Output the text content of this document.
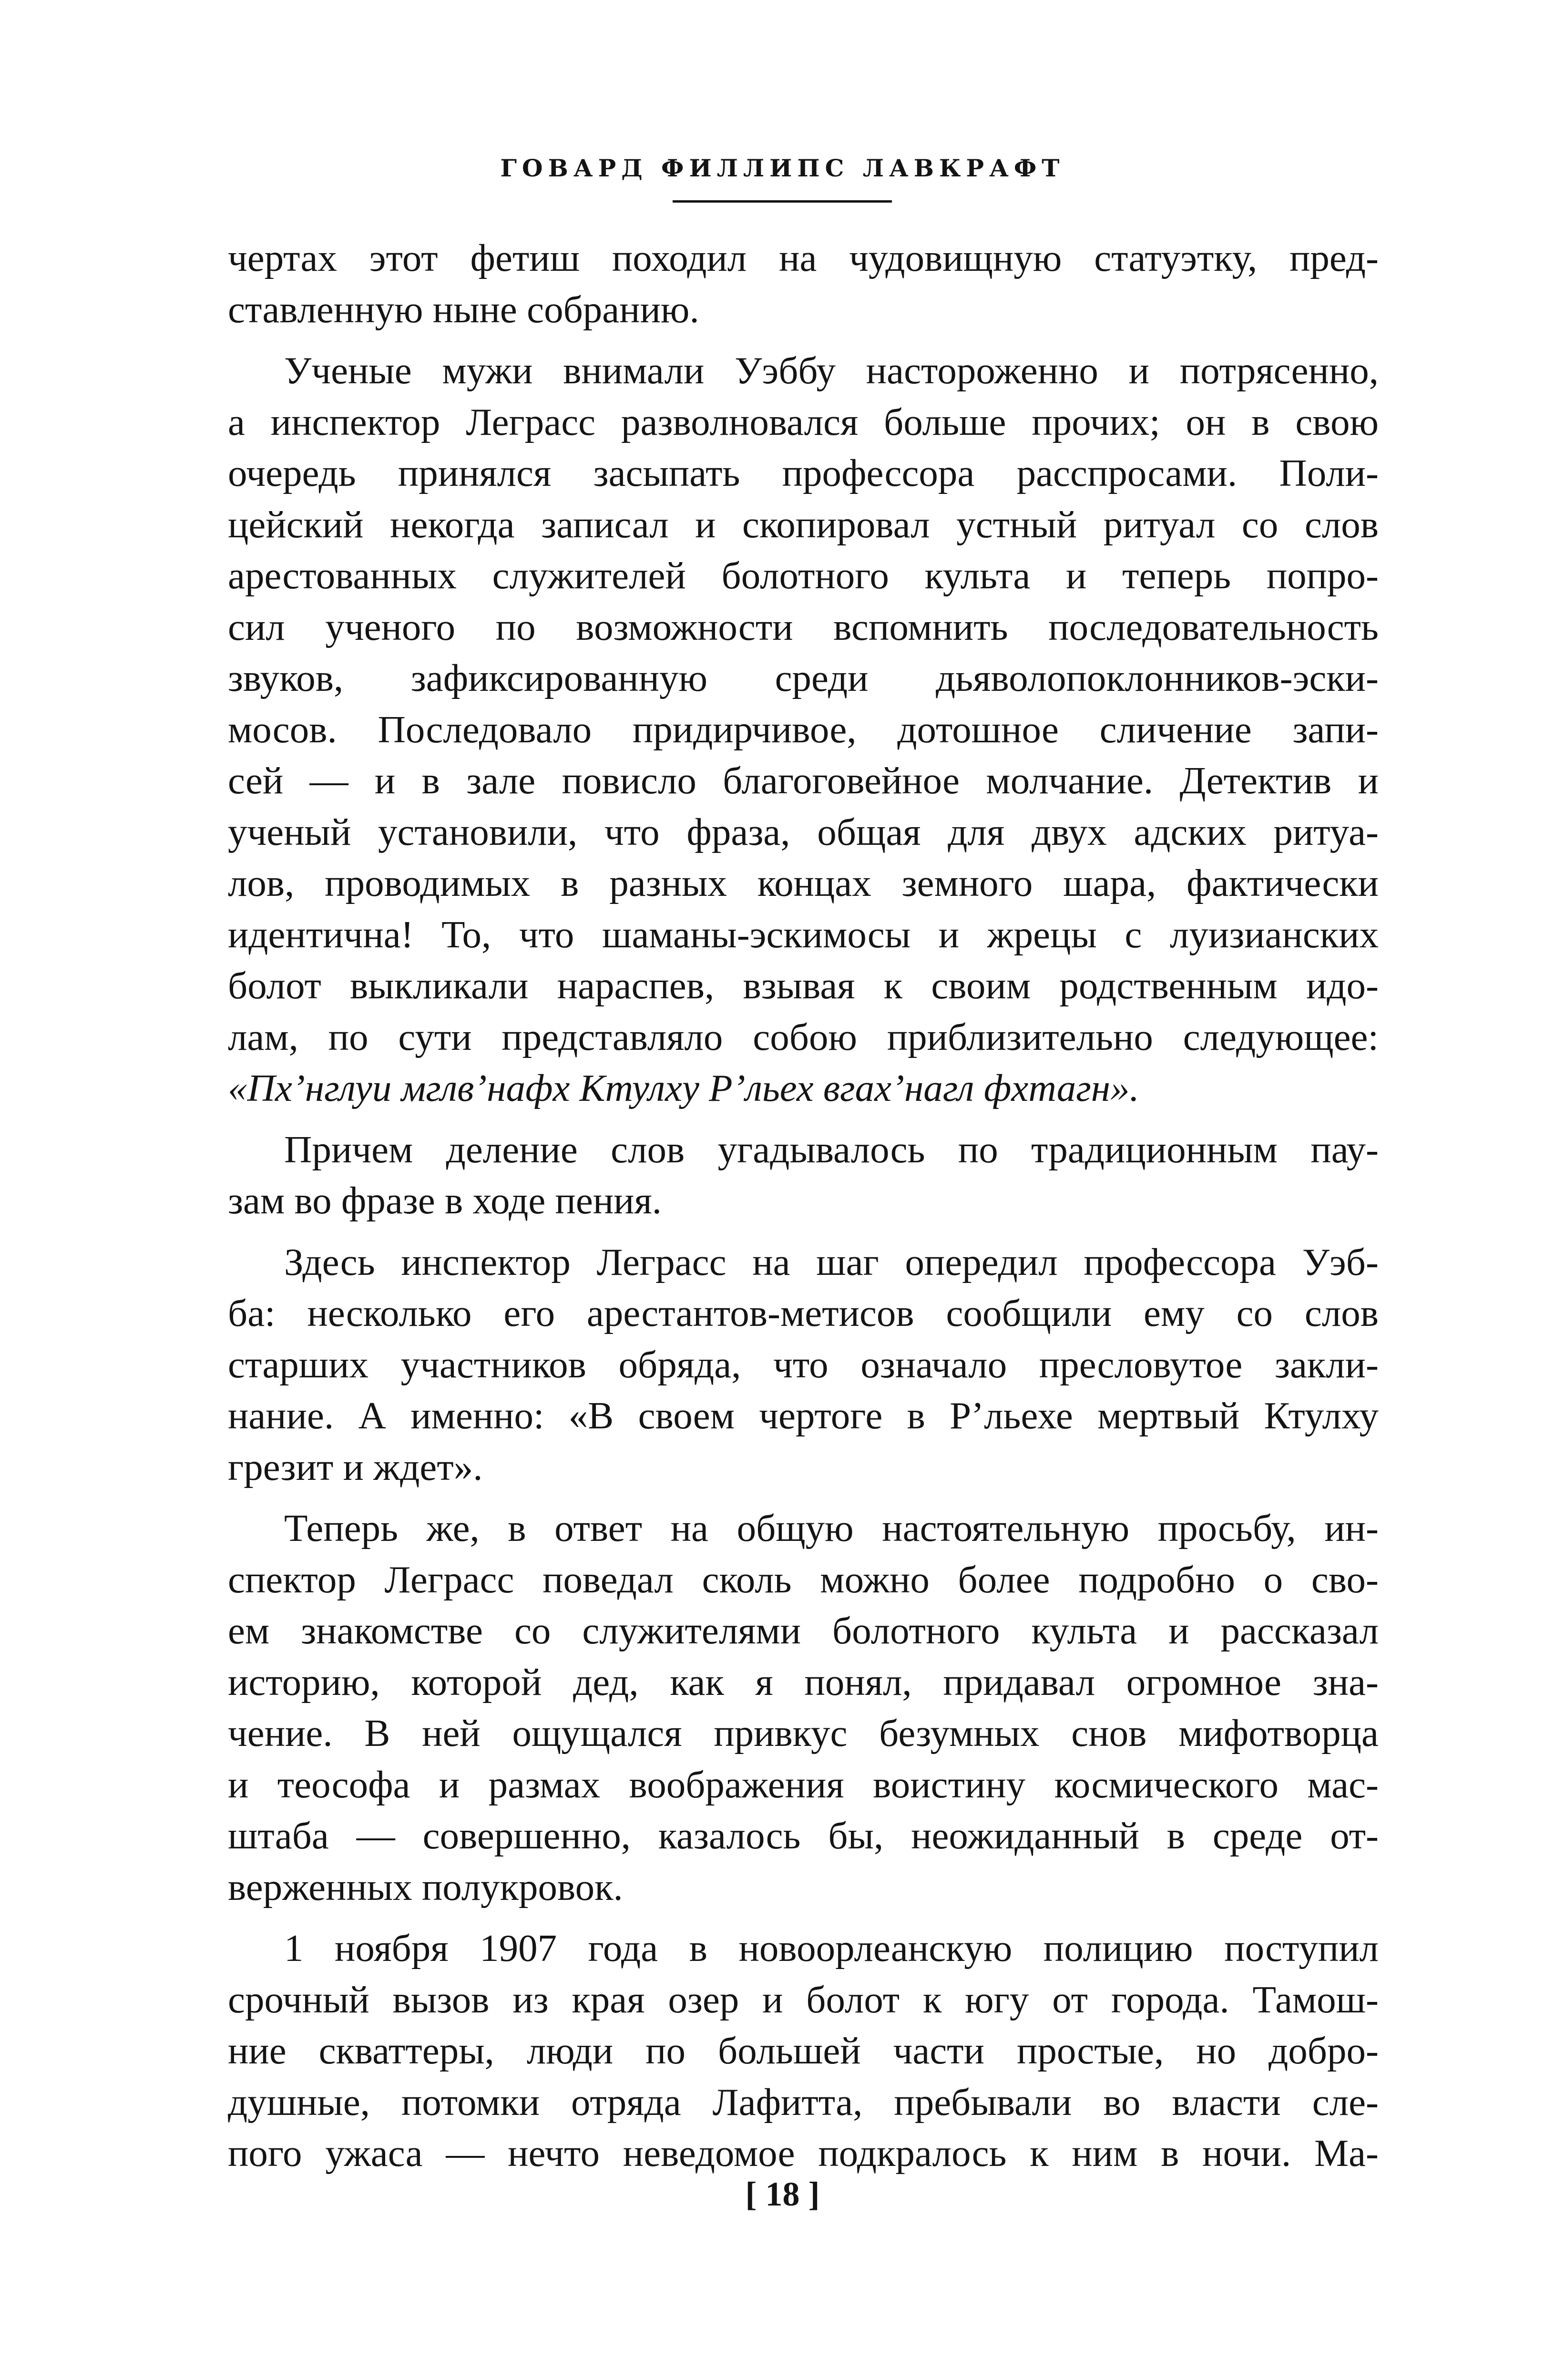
ГОВАРД ФИЛЛИПС ЛАВКРАФТ
чертах этот фетиш походил на чудовищную статуэтку, пред-
ставленную ныне собранию.
Ученые мужи внимали Уэббу настороженно и потрясенно,
а инспектор Леграсс разволновался больше прочих; он в свою
очередь принялся засыпать профессора расспросами. Поли-
цейский некогда записал и скопировал устный ритуал со слов
арестованных служителей болотного культа и теперь попро-
сил ученого по возможности вспомнить последовательность
звуков, зафиксированную среди дьяволопоклонников-эски-
мосов. Последовало придирчивое, дотошное сличение запи-
сей — и в зале повисло благоговейное молчание. Детектив и
ученый установили, что фраза, общая для двух адских ритуа-
лов, проводимых в разных концах земного шара, фактически
идентична! То, что шаманы-эскимосы и жрецы с луизианских
болот выкликали нараспев, взывая к своим родственным идо-
лам, по сути представляло собою приблизительно следующее:
«Пх’нглуи мглв’нафх Ктулху Р’льех вгах’нагл фхтагн».
Причем деление слов угадывалось по традиционным пау-
зам во фразе в ходе пения.
Здесь инспектор Леграсс на шаг опередил профессора Уэб-
ба: несколько его арестантов-метисов сообщили ему со слов
старших участников обряда, что означало пресловутое закли-
нание. А именно: «В своем чертоге в Р’льехе мертвый Ктулху
грезит и ждет».
Теперь же, в ответ на общую настоятельную просьбу, ин-
спектор Леграсс поведал сколь можно более подробно о сво-
ем знакомстве со служителями болотного культа и рассказал
историю, которой дед, как я понял, придавал огромное зна-
чение. В ней ощущался привкус безумных снов мифотворца
и теософа и размах воображения воистину космического мас-
штаба — совершенно, казалось бы, неожиданный в среде от-
верженных полукровок.
1 ноября 1907 года в новоорлеанскую полицию поступил
срочный вызов из края озер и болот к югу от города. Тамош-
ние скваттеры, люди по большей части простые, но добро-
душные, потомки отряда Лафитта, пребывали во власти сле-
пого ужаса — нечто неведомое подкралось к ним в ночи. Ма-
[ 18 ]
